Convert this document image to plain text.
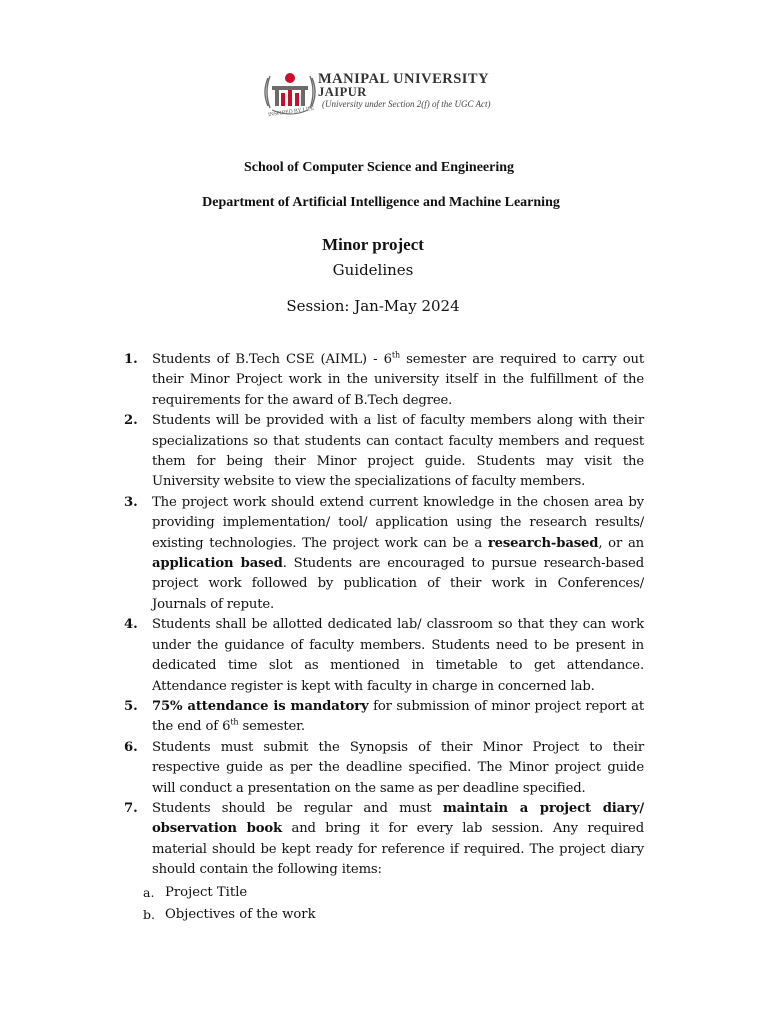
MANIPAL UNIVERSITY
JAIPUR
(University under Section 2(f) of the UGC Act)
INSPIRED BY LIFE
School of Computer Science and Engineering
Department of Artificial Intelligence and Machine Learning
Minor project
Guidelines
Session: Jan-May 2024
1. Students of B.Tech CSE (AIML) - 6th semester are required to carry out their Minor Project work in the university itself in the fulfillment of the requirements for the award of B.Tech degree.
2. Students will be provided with a list of faculty members along with their specializations so that students can contact faculty members and request them for being their Minor project guide. Students may visit the University website to view the specializations of faculty members.
3. The project work should extend current knowledge in the chosen area by providing implementation/ tool/ application using the research results/ existing technologies. The project work can be a research-based, or an application based. Students are encouraged to pursue research-based project work followed by publication of their work in Conferences/ Journals of repute.
4. Students shall be allotted dedicated lab/ classroom so that they can work under the guidance of faculty members. Students need to be present in dedicated time slot as mentioned in timetable to get attendance. Attendance register is kept with faculty in charge in concerned lab.
5. 75% attendance is mandatory for submission of minor project report at the end of 6th semester.
6. Students must submit the Synopsis of their Minor Project to their respective guide as per the deadline specified. The Minor project guide will conduct a presentation on the same as per deadline specified.
7. Students should be regular and must maintain a project diary/ observation book and bring it for every lab session. Any required material should be kept ready for reference if required. The project diary should contain the following items:
a. Project Title
b. Objectives of the work
